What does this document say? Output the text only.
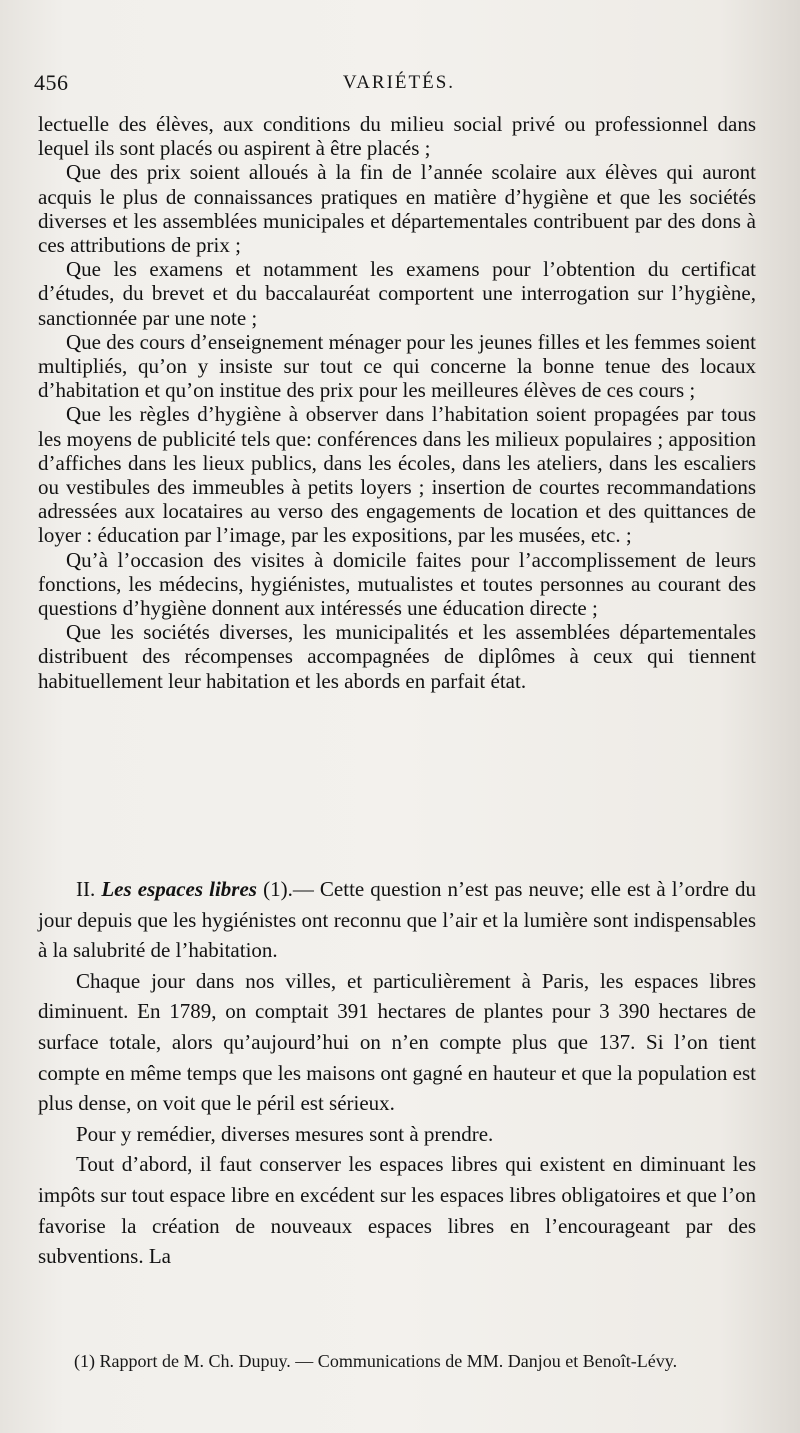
456	VARIÉTÉS.

lectuelle des élèves, aux conditions du milieu social privé ou professionnel dans lequel ils sont placés ou aspirent à être placés ;

Que des prix soient alloués à la fin de l’année scolaire aux élèves qui auront acquis le plus de connaissances pratiques en matière d’hygiène et que les sociétés diverses et les assemblées municipales et départementales contribuent par des dons à ces attributions de prix ;

Que les examens et notamment les examens pour l’obtention du certificat d’études, du brevet et du baccalauréat comportent une interrogation sur l’hygiène, sanctionnée par une note ;

Que des cours d’enseignement ménager pour les jeunes filles et les femmes soient multipliés, qu’on y insiste sur tout ce qui concerne la bonne tenue des locaux d’habitation et qu’on institue des prix pour les meilleures élèves de ces cours ;

Que les règles d’hygiène à observer dans l’habitation soient propagées par tous les moyens de publicité tels que: conférences dans les milieux populaires ; apposition d’affiches dans les lieux publics, dans les écoles, dans les ateliers, dans les escaliers ou vestibules des immeubles à petits loyers ; insertion de courtes recommandations adressées aux locataires au verso des engagements de location et des quittances de loyer : éducation par l’image, par les expositions, par les musées, etc. ;

Qu’à l’occasion des visites à domicile faites pour l’accomplissement de leurs fonctions, les médecins, hygiénistes, mutualistes et toutes personnes au courant des questions d’hygiène donnent aux intéressés une éducation directe ;

Que les sociétés diverses, les municipalités et les assemblées départementales distribuent des récompenses accompagnées de diplômes à ceux qui tiennent habituellement leur habitation et les abords en parfait état.

II. Les espaces libres (1).— Cette question n’est pas neuve; elle est à l’ordre du jour depuis que les hygiénistes ont reconnu que l’air et la lumière sont indispensables à la salubrité de l’habitation.

Chaque jour dans nos villes, et particulièrement à Paris, les espaces libres diminuent. En 1789, on comptait 391 hectares de plantes pour 3 390 hectares de surface totale, alors qu’aujourd’hui on n’en compte plus que 137. Si l’on tient compte en même temps que les maisons ont gagné en hauteur et que la population est plus dense, on voit que le péril est sérieux.

Pour y remédier, diverses mesures sont à prendre.

Tout d’abord, il faut conserver les espaces libres qui existent en diminuant les impôts sur tout espace libre en excédent sur les espaces libres obligatoires et que l’on favorise la création de nouveaux espaces libres en l’encourageant par des subventions. La

(1) Rapport de M. Ch. Dupuy. — Communications de MM. Danjou et Benoît-Lévy.
